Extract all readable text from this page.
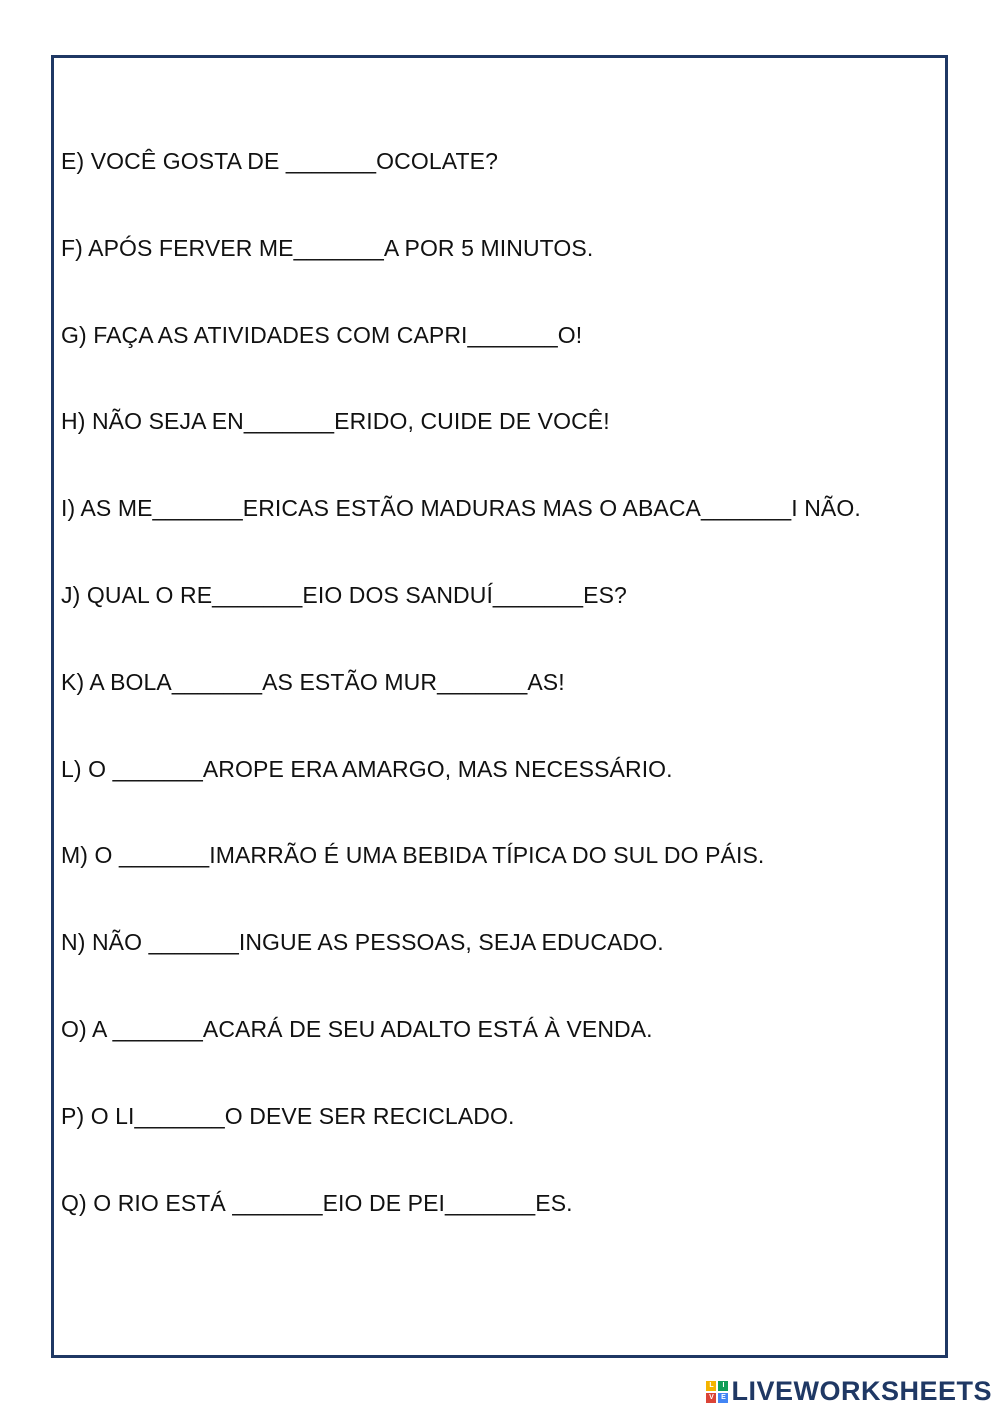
E) VOCÊ GOSTA DE _______OCOLATE?
F) APÓS FERVER ME_______A POR 5 MINUTOS.
G) FAÇA AS ATIVIDADES COM CAPRI_______O!
H) NÃO SEJA EN_______ERIDO, CUIDE DE VOCÊ!
I) AS ME_______ERICAS ESTÃO MADURAS MAS O ABACA_______I NÃO.
J) QUAL O RE_______EIO DOS SANDUÍ_______ES?
K) A BOLA_______AS ESTÃO MUR_______AS!
L) O _______AROPE ERA AMARGO, MAS NECESSÁRIO.
M) O _______IMARRÃO É UMA BEBIDA TÍPICA DO SUL DO PÁIS.
N) NÃO _______INGUE AS PESSOAS, SEJA EDUCADO.
O) A _______ACARÁ DE SEU ADALTO ESTÁ À VENDA.
P) O LI_______O DEVE SER RECICLADO.
Q) O RIO ESTÁ _______EIO DE PEI_______ES.
L	I
V	E LIVEWORKSHEETS
